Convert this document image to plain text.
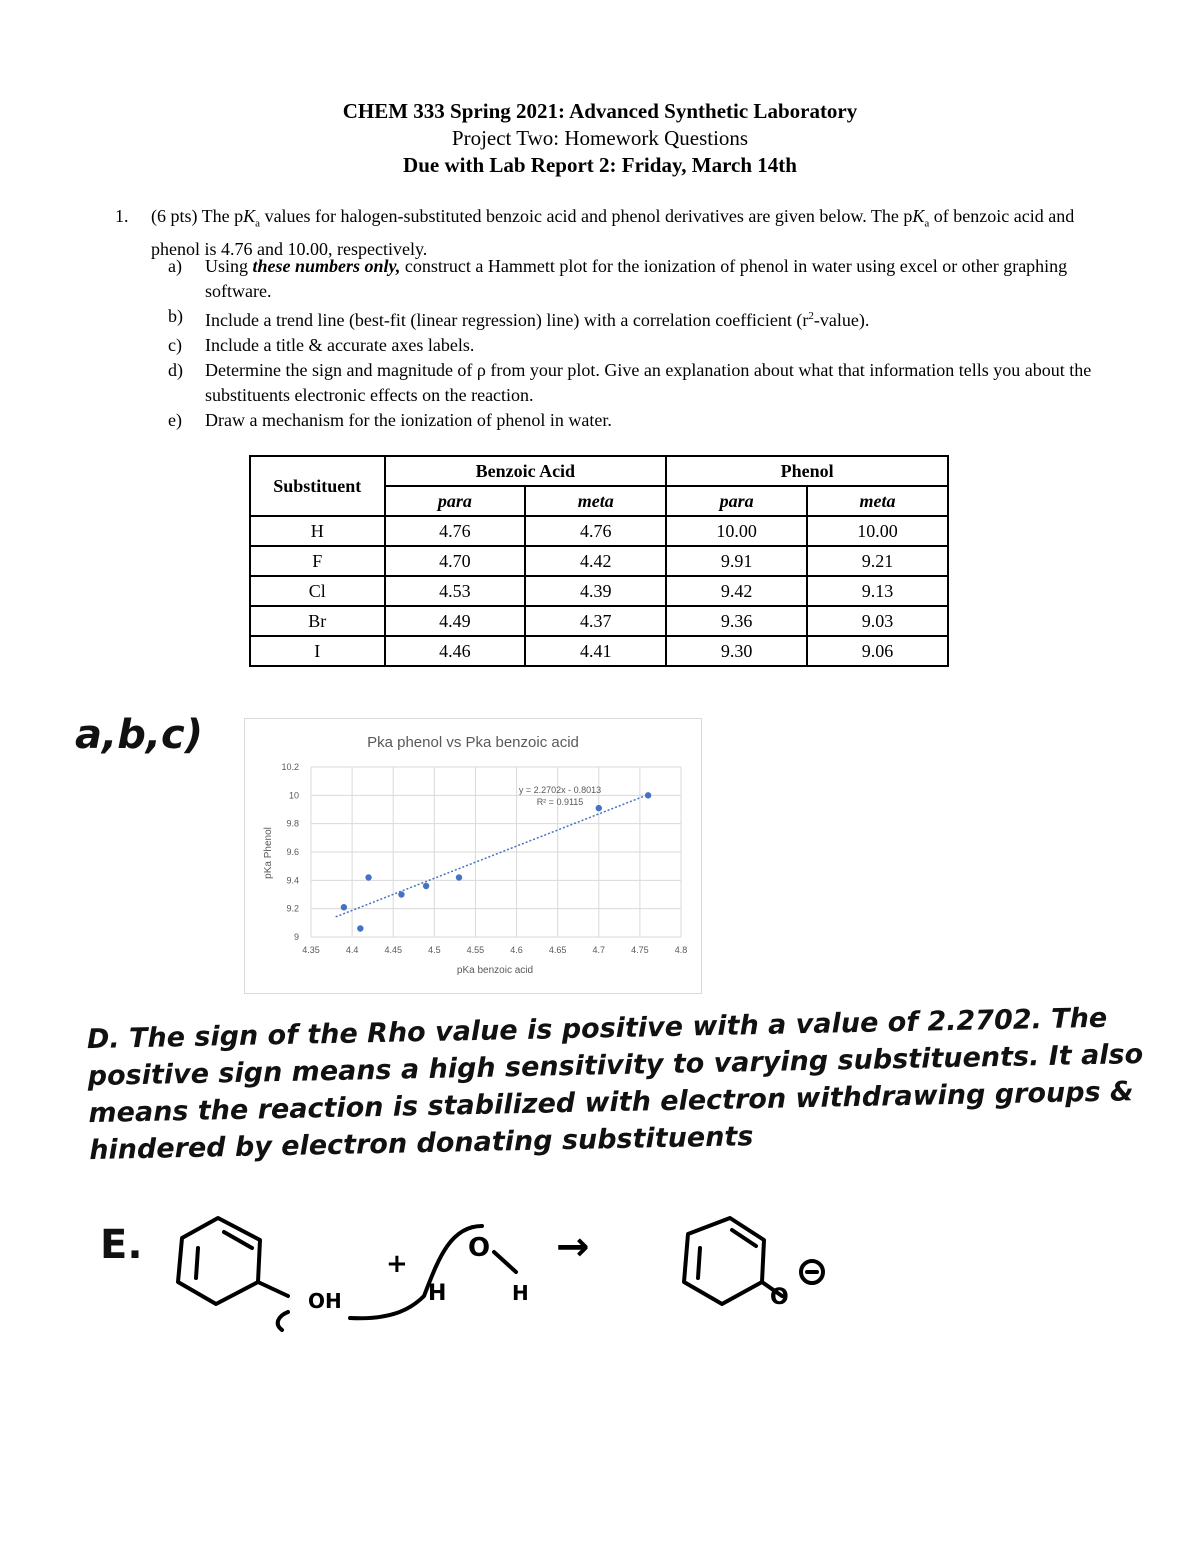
CHEM 333 Spring 2021: Advanced Synthetic Laboratory
Project Two: Homework Questions
Due with Lab Report 2: Friday, March 14th
1. (6 pts) The $pK_a$ values for halogen-substituted benzoic acid and phenol derivatives are given below. The $pK_a$ of benzoic acid and phenol is 4.76 and 10.00, respectively.
a) Using these numbers only, construct a Hammett plot for the ionization of phenol in water using excel or other graphing software.
b) Include a trend line (best-fit (linear regression) line) with a correlation coefficient $(r^2-value)$.
c) Include a title & accurate axes labels.
d) Determine the sign and magnitude of ρ from your plot. Give an explanation about what that information tells you about the substituents electronic effects on the reaction.
e) Draw a mechanism for the ionization of phenol in water.
Substituent	Benzoic Acid		Phenol	
	para	meta	para	meta
H	4.76	4.76	10.00	10.00
F	4.70	4.42	9.91	9.21
Cl	4.53	4.39	9.42	9.13
Br	4.49	4.37	9.36	9.03
I	4.46	4.41	9.30	9.06
a,b,c)	Pka phenol vs Pka benzoic acid
4.35	4.4	4.45	4.5	4.55	4.6	4.65	4.7	4.75	4.8
9
9.2
9.4
9.6
9.8
10
10.2
y = 2.2702x - 0.8013
R² = 0.9115
pKa benzoic acid
pKa Phenol
D. The sign of the Rho value is positive with a value of 2.2702. The positive sign means a high sensitivity to varying substituents. It also means the reaction is stabilized with electron withdrawing groups & hindered by electron donating substituents
E.	+
OH	H
O
H
→
O
